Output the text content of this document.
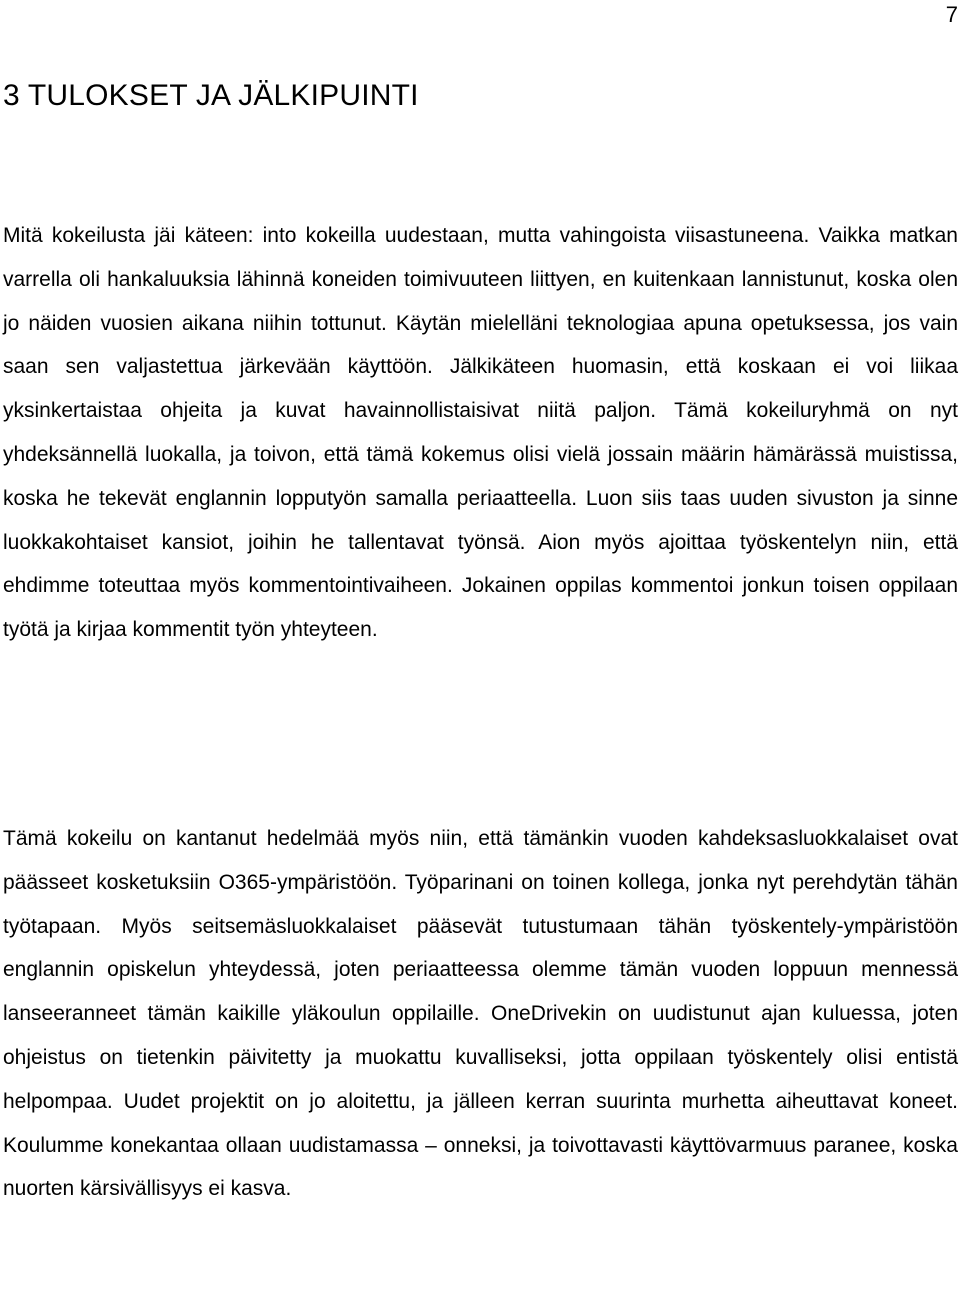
7
3 TULOKSET JA JÄLKIPUINTI

Mitä kokeilusta jäi käteen: into kokeilla uudestaan, mutta vahingoista viisastuneena. Vaikka matkan varrella oli hankaluuksia lähinnä koneiden toimivuuteen liittyen, en kuitenkaan lannistunut, koska olen jo näiden vuosien aikana niihin tottunut. Käytän mielelläni teknologiaa apuna opetuksessa, jos vain saan sen valjastettua järkevään käyttöön. Jälkikäteen huomasin, että koskaan ei voi liikaa yksinkertaistaa ohjeita ja kuvat havainnollistaisivat niitä paljon. Tämä kokeiluryhmä on nyt yhdeksännellä luokalla, ja toivon, että tämä kokemus olisi vielä jossain määrin hämärässä muistissa, koska he tekevät englannin lopputyön samalla periaatteella. Luon siis taas uuden sivuston ja sinne luokkakohtaiset kansiot, joihin he tallentavat työnsä. Aion myös ajoittaa työskentelyn niin, että ehdimme toteuttaa myös kommentointivaiheen. Jokainen oppilas kommentoi jonkun toisen oppilaan työtä ja kirjaa kommentit työn yhteyteen.

Tämä kokeilu on kantanut hedelmää myös niin, että tämänkin vuoden kahdeksasluokkalaiset ovat päässeet kosketuksiin O365-ympäristöön. Työparinani on toinen kollega, jonka nyt perehdytän tähän työtapaan. Myös seitsemäsluokkalaiset pääsevät tutustumaan tähän työskentely-ympäristöön englannin opiskelun yhteydessä, joten periaatteessa olemme tämän vuoden loppuun mennessä lanseeranneet tämän kaikille yläkoulun oppilaille. OneDrivekin on uudistunut ajan kuluessa, joten ohjeistus on tietenkin päivitetty ja muokattu kuvalliseksi, jotta oppilaan työskentely olisi entistä helpompaa. Uudet projektit on jo aloitettu, ja jälleen kerran suurinta murhetta aiheuttavat koneet. Koulumme konekantaa ollaan uudistamassa – onneksi, ja toivottavasti käyttövarmuus paranee, koska nuorten kärsivällisyys ei kasva.
